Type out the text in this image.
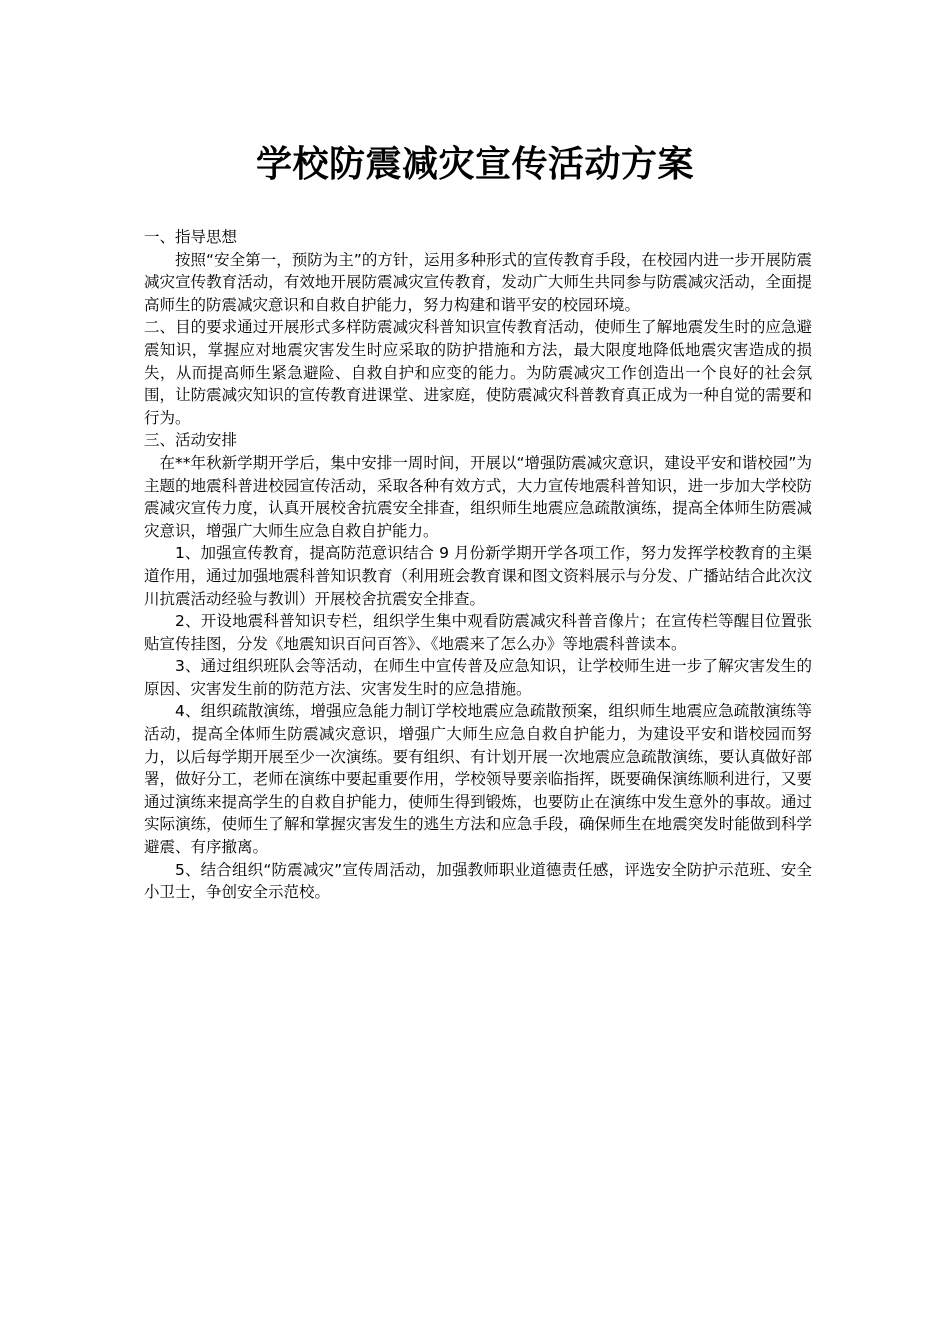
学校防震减灾宣传活动方案

一、指导思想

按照“安全第一，预防为主”的方针，运用多种形式的宣传教育手段，在校园内进一步开展防震减灾宣传教育活动，有效地开展防震减灾宣传教育，发动广大师生共同参与防震减灾活动，全面提高师生的防震减灾意识和自救自护能力，努力构建和谐平安的校园环境。

二、目的要求通过开展形式多样防震减灾科普知识宣传教育活动，使师生了解地震发生时的应急避震知识，掌握应对地震灾害发生时应采取的防护措施和方法，最大限度地降低地震灾害造成的损失，从而提高师生紧急避险、自救自护和应变的能力。为防震减灾工作创造出一个良好的社会氛围，让防震减灾知识的宣传教育进课堂、进家庭，使防震减灾科普教育真正成为一种自觉的需要和行为。

三、活动安排

在**年秋新学期开学后，集中安排一周时间，开展以“增强防震减灾意识，建设平安和谐校园”为主题的地震科普进校园宣传活动，采取各种有效方式，大力宣传地震科普知识，进一步加大学校防震减灾宣传力度，认真开展校舍抗震安全排查，组织师生地震应急疏散演练，提高全体师生防震减灾意识，增强广大师生应急自救自护能力。

1、加强宣传教育，提高防范意识结合 9 月份新学期开学各项工作，努力发挥学校教育的主渠道作用，通过加强地震科普知识教育（利用班会教育课和图文资料展示与分发、广播站结合此次汶川抗震活动经验与教训）开展校舍抗震安全排查。

2、开设地震科普知识专栏，组织学生集中观看防震减灾科普音像片；在宣传栏等醒目位置张贴宣传挂图，分发《地震知识百问百答》、《地震来了怎么办》等地震科普读本。

3、通过组织班队会等活动，在师生中宣传普及应急知识，让学校师生进一步了解灾害发生的原因、灾害发生前的防范方法、灾害发生时的应急措施。

4、组织疏散演练，增强应急能力制订学校地震应急疏散预案，组织师生地震应急疏散演练等活动，提高全体师生防震减灾意识，增强广大师生应急自救自护能力，为建设平安和谐校园而努力，以后每学期开展至少一次演练。要有组织、有计划开展一次地震应急疏散演练，要认真做好部署，做好分工，老师在演练中要起重要作用，学校领导要亲临指挥，既要确保演练顺利进行，又要通过演练来提高学生的自救自护能力，使师生得到锻炼，也要防止在演练中发生意外的事故。通过实际演练，使师生了解和掌握灾害发生的逃生方法和应急手段，确保师生在地震突发时能做到科学避震、有序撤离。

5、结合组织“防震减灾”宣传周活动，加强教师职业道德责任感，评选安全防护示范班、安全小卫士，争创安全示范校。
